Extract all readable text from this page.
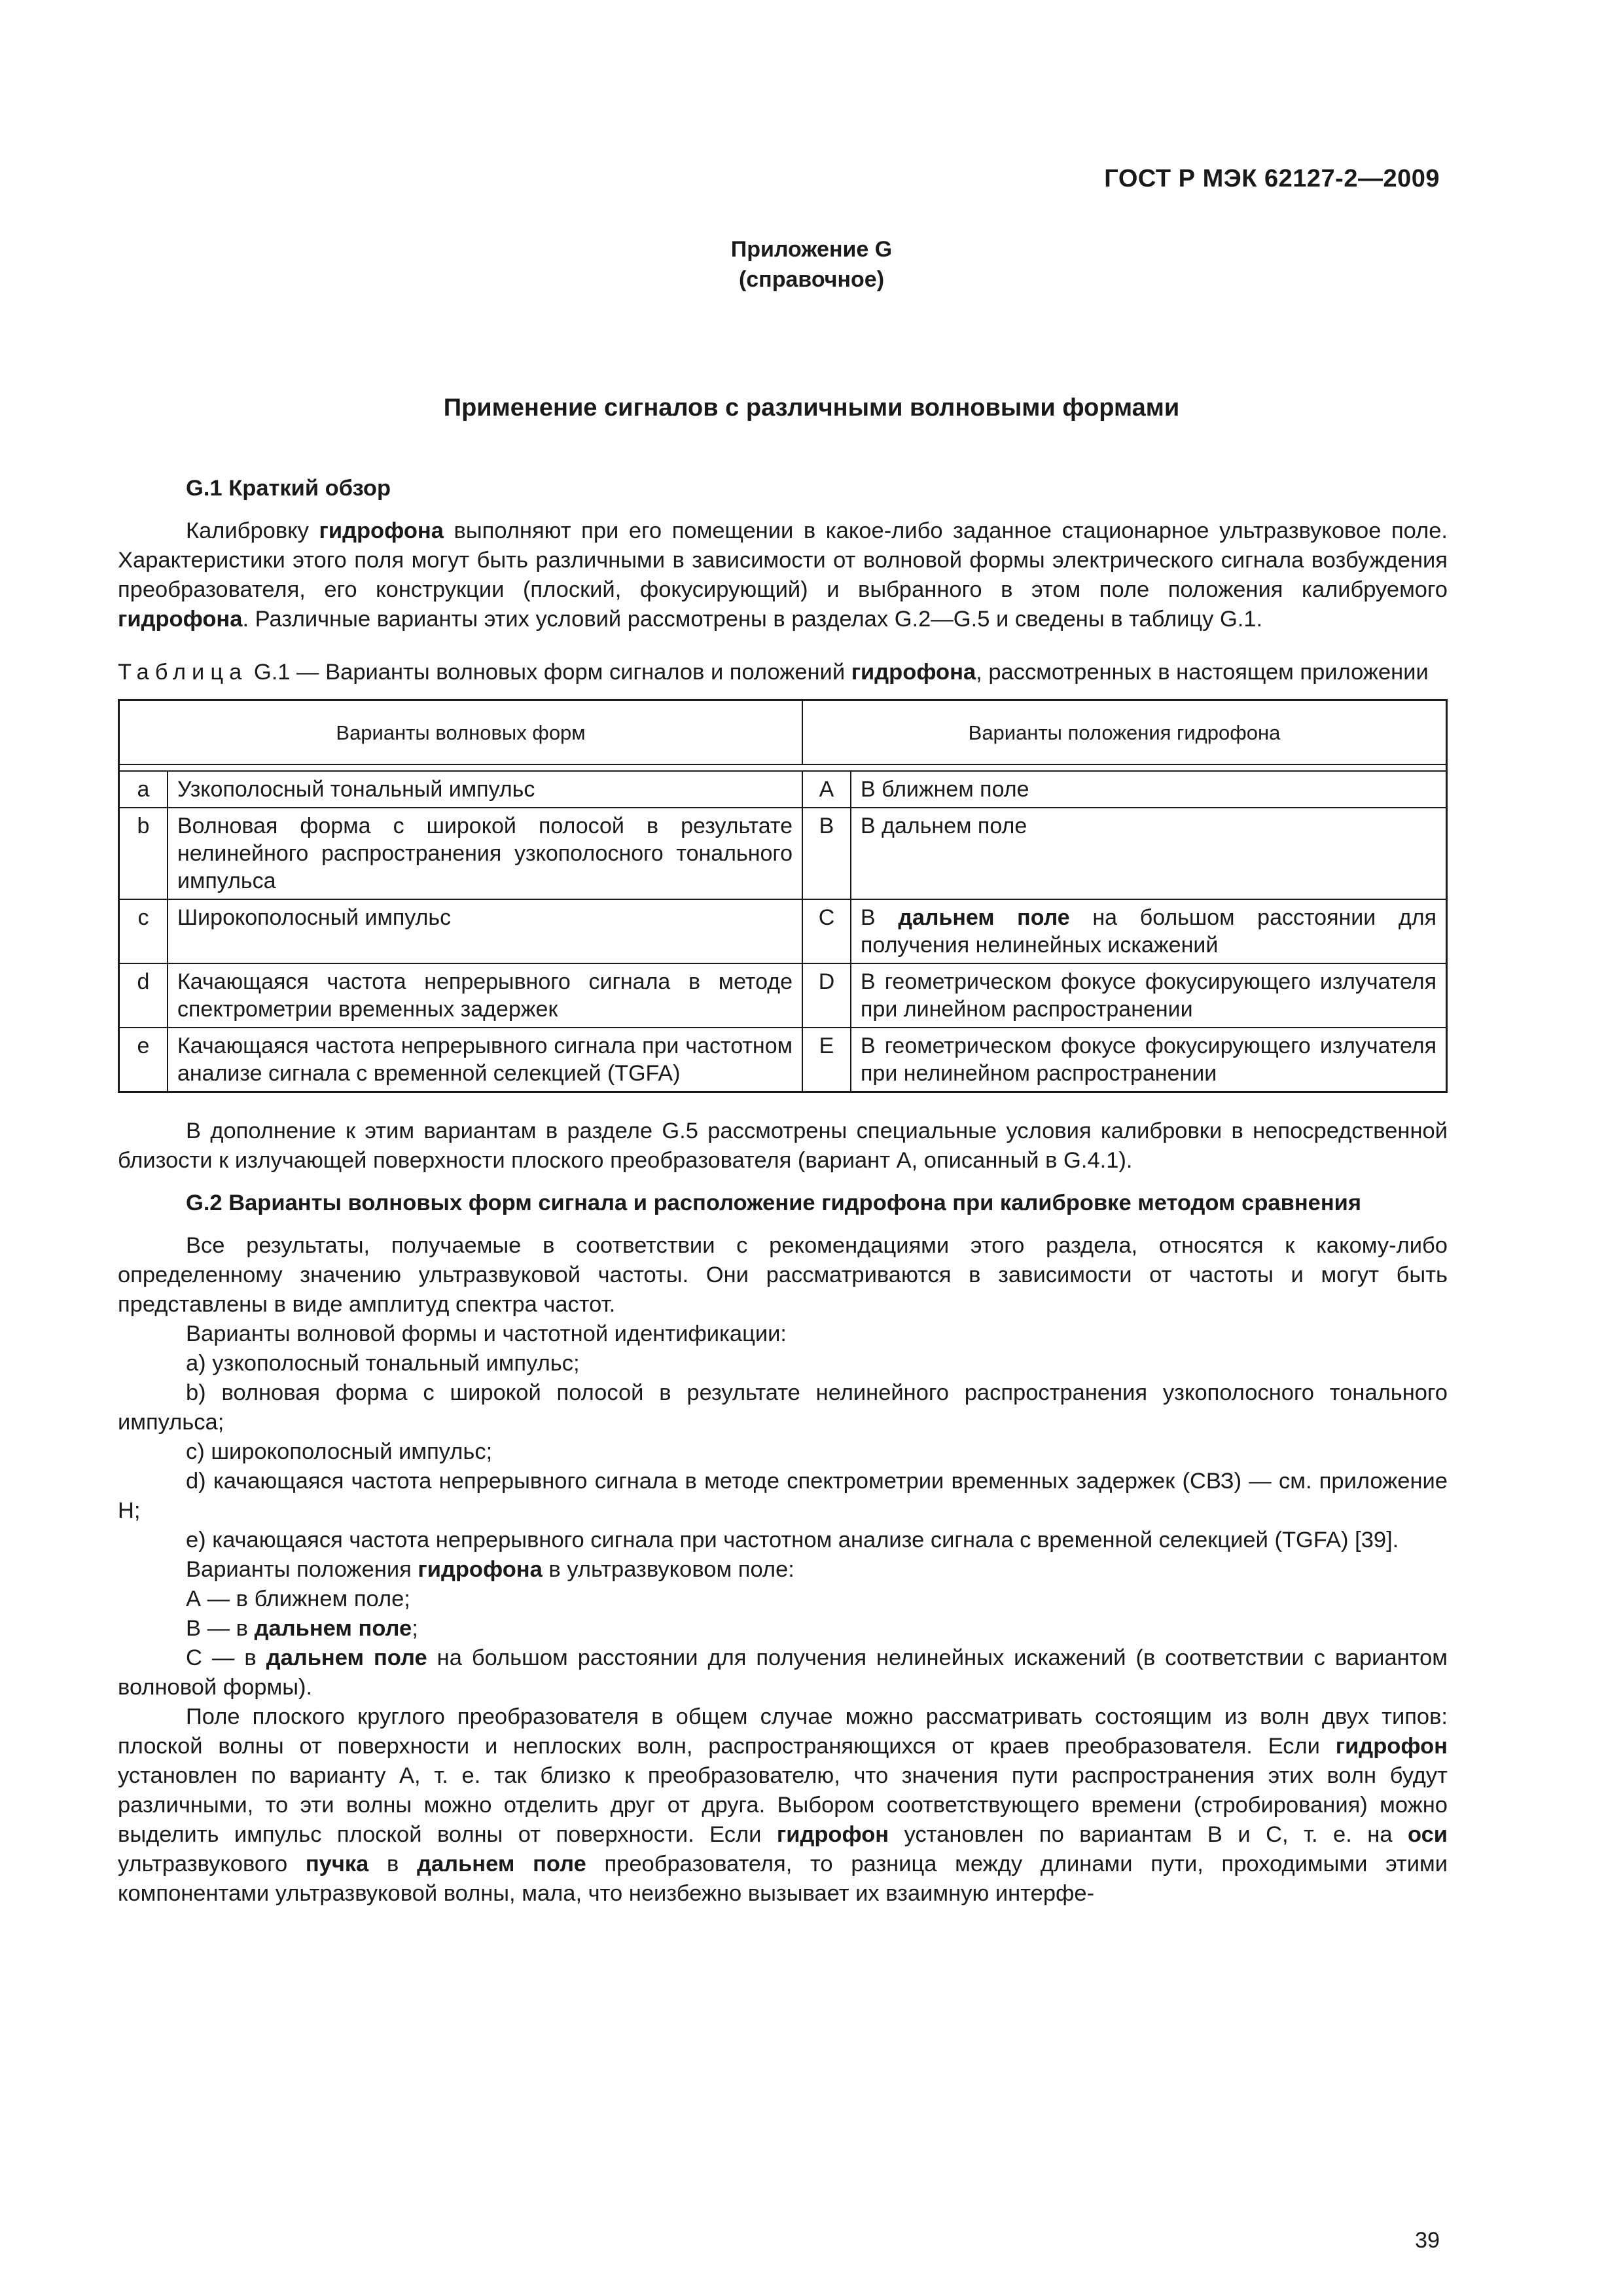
ГОСТ Р МЭК 62127-2—2009
Приложение G
(справочное)
Применение сигналов с различными волновыми формами

G.1 Краткий обзор

Калибровку гидрофона выполняют при его помещении в какое-либо заданное стационарное ультразвуковое поле. Характеристики этого поля могут быть различными в зависимости от волновой формы электрического сигнала возбуждения преобразователя, его конструкции (плоский, фокусирующий) и выбранного в этом поле положения калибруемого гидрофона. Различные варианты этих условий рассмотрены в разделах G.2—G.5 и сведены в таблицу G.1.

Таблица G.1 — Варианты волновых форм сигналов и положений гидрофона, рассмотренных в настоящем приложении

Варианты волновых форм		Варианты положения гидрофона	

a	Узкополосный тональный импульс	A	В ближнем поле
b	Волновая форма с широкой полосой в результате нелинейного распространения узкополосного тонального импульса	B	В дальнем поле
c	Широкополосный импульс	C	В дальнем поле на большом расстоянии для получения нелинейных искажений
d	Качающаяся частота непрерывного сигнала в методе спектрометрии временных задержек	D	В геометрическом фокусе фокусирующего излучателя при линейном распространении
e	Качающаяся частота непрерывного сигнала при частотном анализе сигнала с временной селекцией (TGFA)	E	В геометрическом фокусе фокусирующего излучателя при нелинейном распространении

В дополнение к этим вариантам в разделе G.5 рассмотрены специальные условия калибровки в непосредственной близости к излучающей поверхности плоского преобразователя (вариант А, описанный в G.4.1).

G.2 Варианты волновых форм сигнала и расположение гидрофона при калибровке методом сравнения

Все результаты, получаемые в соответствии с рекомендациями этого раздела, относятся к какому-либо определенному значению ультразвуковой частоты. Они рассматриваются в зависимости от частоты и могут быть представлены в виде амплитуд спектра частот.

Варианты волновой формы и частотной идентификации:

а) узкополосный тональный импульс;

b) волновая форма с широкой полосой в результате нелинейного распространения узкополосного тонального импульса;

с) широкополосный импульс;

d) качающаяся частота непрерывного сигнала в методе спектрометрии временных задержек (СВЗ) — см. приложение Н;

е) качающаяся частота непрерывного сигнала при частотном анализе сигнала с временной селекцией (TGFA) [39].

Варианты положения гидрофона в ультразвуковом поле:

А — в ближнем поле;

В — в дальнем поле;

С — в дальнем поле на большом расстоянии для получения нелинейных искажений (в соответствии с вариантом волновой формы).

Поле плоского круглого преобразователя в общем случае можно рассматривать состоящим из волн двух типов: плоской волны от поверхности и неплоских волн, распространяющихся от краев преобразователя. Если гидрофон установлен по варианту А, т. е. так близко к преобразователю, что значения пути распространения этих волн будут различными, то эти волны можно отделить друг от друга. Выбором соответствующего времени (стробирования) можно выделить импульс плоской волны от поверхности. Если гидрофон установлен по вариантам В и С, т. е. на оси ультразвукового пучка в дальнем поле преобразователя, то разница между длинами пути, проходимыми этими компонентами ультразвуковой волны, мала, что неизбежно вызывает их взаимную интерфе-

39
